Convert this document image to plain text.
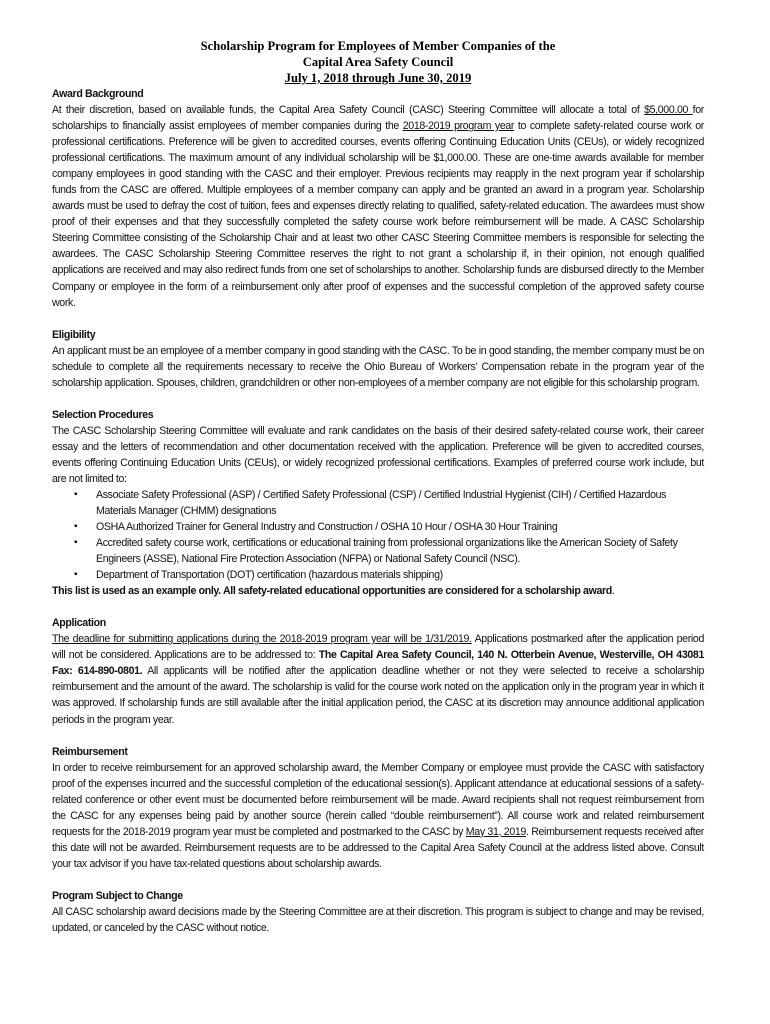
Scholarship Program for Employees of Member Companies of the
Capital Area Safety Council
July 1, 2018 through June 30, 2019
Award Background

At their discretion, based on available funds, the Capital Area Safety Council (CASC) Steering Committee will allocate a total of $5,000.00 for scholarships to financially assist employees of member companies during the 2018-2019 program year to complete safety-related course work or professional certifications. Preference will be given to accredited courses, events offering Continuing Education Units (CEUs), or widely recognized professional certifications. The maximum amount of any individual scholarship will be $1,000.00. These are one-time awards available for member company employees in good standing with the CASC and their employer. Previous recipients may reapply in the next program year if scholarship funds from the CASC are offered. Multiple employees of a member company can apply and be granted an award in a program year. Scholarship awards must be used to defray the cost of tuition, fees and expenses directly relating to qualified, safety-related education. The awardees must show proof of their expenses and that they successfully completed the safety course work before reimbursement will be made. A CASC Scholarship Steering Committee consisting of the Scholarship Chair and at least two other CASC Steering Committee members is responsible for selecting the awardees. The CASC Scholarship Steering Committee reserves the right to not grant a scholarship if, in their opinion, not enough qualified applications are received and may also redirect funds from one set of scholarships to another. Scholarship funds are disbursed directly to the Member Company or employee in the form of a reimbursement only after proof of expenses and the successful completion of the approved safety course work.

Eligibility

An applicant must be an employee of a member company in good standing with the CASC. To be in good standing, the member company must be on schedule to complete all the requirements necessary to receive the Ohio Bureau of Workers’ Compensation rebate in the program year of the scholarship application. Spouses, children, grandchildren or other non-employees of a member company are not eligible for this scholarship program.

Selection Procedures

The CASC Scholarship Steering Committee will evaluate and rank candidates on the basis of their desired safety-related course work, their career essay and the letters of recommendation and other documentation received with the application. Preference will be given to accredited courses, events offering Continuing Education Units (CEUs), or widely recognized professional certifications. Examples of preferred course work include, but are not limited to:

▪ Associate Safety Professional (ASP) / Certified Safety Professional (CSP) / Certified Industrial Hygienist (CIH) / Certified Hazardous Materials Manager (CHMM) designations
▪ OSHA Authorized Trainer for General Industry and Construction / OSHA 10 Hour / OSHA 30 Hour Training
▪ Accredited safety course work, certifications or educational training from professional organizations like the American Society of Safety Engineers (ASSE), National Fire Protection Association (NFPA) or National Safety Council (NSC).
▪ Department of Transportation (DOT) certification (hazardous materials shipping)

This list is used as an example only. All safety-related educational opportunities are considered for a scholarship award.

Application

The deadline for submitting applications during the 2018-2019 program year will be 1/31/2019. Applications postmarked after the application period will not be considered. Applications are to be addressed to: The Capital Area Safety Council, 140 N. Otterbein Avenue, Westerville, OH 43081 Fax: 614-890-0801. All applicants will be notified after the application deadline whether or not they were selected to receive a scholarship reimbursement and the amount of the award. The scholarship is valid for the course work noted on the application only in the program year in which it was approved. If scholarship funds are still available after the initial application period, the CASC at its discretion may announce additional application periods in the program year.

Reimbursement

In order to receive reimbursement for an approved scholarship award, the Member Company or employee must provide the CASC with satisfactory proof of the expenses incurred and the successful completion of the educational session(s). Applicant attendance at educational sessions of a safety-related conference or other event must be documented before reimbursement will be made. Award recipients shall not request reimbursement from the CASC for any expenses being paid by another source (herein called “double reimbursement”). All course work and related reimbursement requests for the 2018-2019 program year must be completed and postmarked to the CASC by May 31, 2019. Reimbursement requests received after this date will not be awarded. Reimbursement requests are to be addressed to the Capital Area Safety Council at the address listed above. Consult your tax advisor if you have tax-related questions about scholarship awards.

Program Subject to Change

All CASC scholarship award decisions made by the Steering Committee are at their discretion. This program is subject to change and may be revised, updated, or canceled by the CASC without notice.
